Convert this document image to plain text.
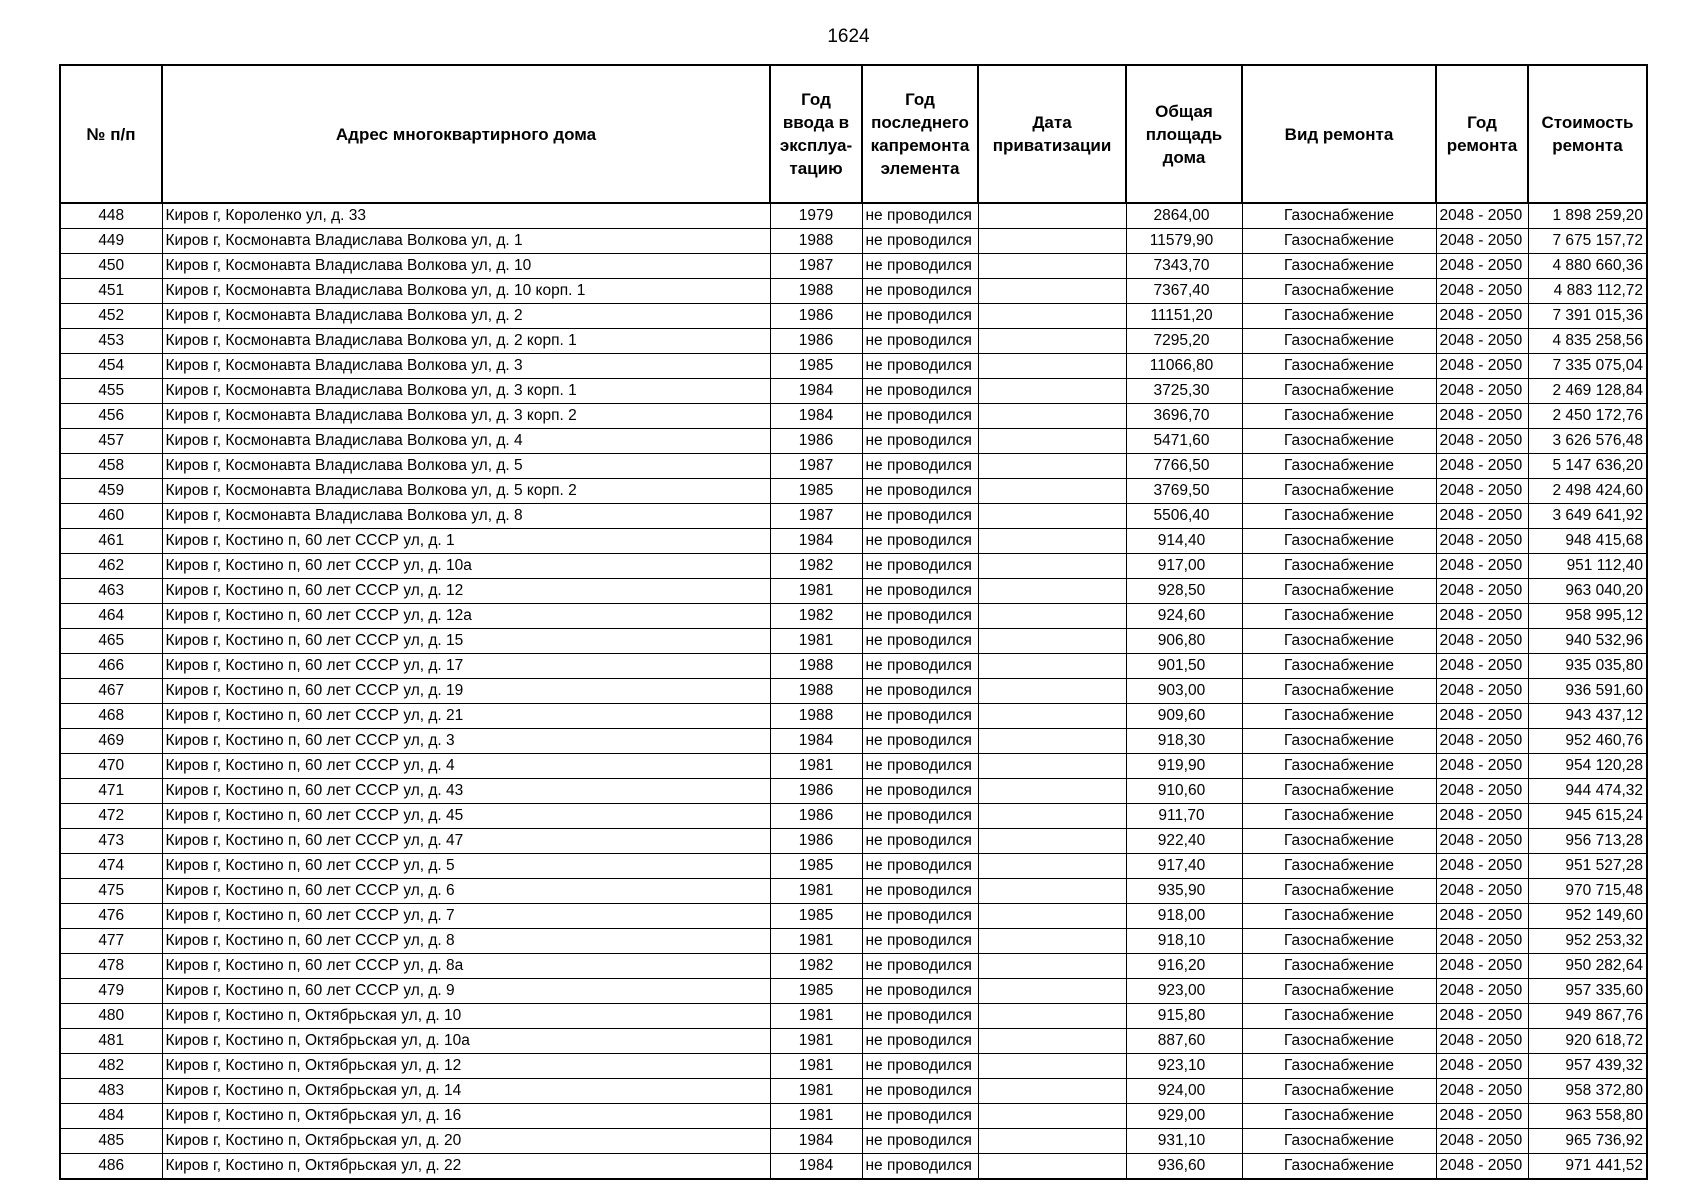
1624
№ п/п	Адрес многоквартирного дома	Год ввода в эксплуа-тацию	Год последнего капремонта элемента	Дата приватизации	Общая площадь дома	Вид ремонта	Год ремонта	Стоимость ремонта
448	Киров г, Короленко ул, д. 33	1979	не проводился		2864,00	Газоснабжение	2048 - 2050	1 898 259,20
449	Киров г, Космонавта Владислава Волкова ул, д. 1	1988	не проводился		11579,90	Газоснабжение	2048 - 2050	7 675 157,72
450	Киров г, Космонавта Владислава Волкова ул, д. 10	1987	не проводился		7343,70	Газоснабжение	2048 - 2050	4 880 660,36
451	Киров г, Космонавта Владислава Волкова ул, д. 10 корп. 1	1988	не проводился		7367,40	Газоснабжение	2048 - 2050	4 883 112,72
452	Киров г, Космонавта Владислава Волкова ул, д. 2	1986	не проводился		11151,20	Газоснабжение	2048 - 2050	7 391 015,36
453	Киров г, Космонавта Владислава Волкова ул, д. 2 корп. 1	1986	не проводился		7295,20	Газоснабжение	2048 - 2050	4 835 258,56
454	Киров г, Космонавта Владислава Волкова ул, д. 3	1985	не проводился		11066,80	Газоснабжение	2048 - 2050	7 335 075,04
455	Киров г, Космонавта Владислава Волкова ул, д. 3 корп. 1	1984	не проводился		3725,30	Газоснабжение	2048 - 2050	2 469 128,84
456	Киров г, Космонавта Владислава Волкова ул, д. 3 корп. 2	1984	не проводился		3696,70	Газоснабжение	2048 - 2050	2 450 172,76
457	Киров г, Космонавта Владислава Волкова ул, д. 4	1986	не проводился		5471,60	Газоснабжение	2048 - 2050	3 626 576,48
458	Киров г, Космонавта Владислава Волкова ул, д. 5	1987	не проводился		7766,50	Газоснабжение	2048 - 2050	5 147 636,20
459	Киров г, Космонавта Владислава Волкова ул, д. 5 корп. 2	1985	не проводился		3769,50	Газоснабжение	2048 - 2050	2 498 424,60
460	Киров г, Космонавта Владислава Волкова ул, д. 8	1987	не проводился		5506,40	Газоснабжение	2048 - 2050	3 649 641,92
461	Киров г, Костино п, 60 лет СССР ул, д. 1	1984	не проводился		914,40	Газоснабжение	2048 - 2050	948 415,68
462	Киров г, Костино п, 60 лет СССР ул, д. 10а	1982	не проводился		917,00	Газоснабжение	2048 - 2050	951 112,40
463	Киров г, Костино п, 60 лет СССР ул, д. 12	1981	не проводился		928,50	Газоснабжение	2048 - 2050	963 040,20
464	Киров г, Костино п, 60 лет СССР ул, д. 12а	1982	не проводился		924,60	Газоснабжение	2048 - 2050	958 995,12
465	Киров г, Костино п, 60 лет СССР ул, д. 15	1981	не проводился		906,80	Газоснабжение	2048 - 2050	940 532,96
466	Киров г, Костино п, 60 лет СССР ул, д. 17	1988	не проводился		901,50	Газоснабжение	2048 - 2050	935 035,80
467	Киров г, Костино п, 60 лет СССР ул, д. 19	1988	не проводился		903,00	Газоснабжение	2048 - 2050	936 591,60
468	Киров г, Костино п, 60 лет СССР ул, д. 21	1988	не проводился		909,60	Газоснабжение	2048 - 2050	943 437,12
469	Киров г, Костино п, 60 лет СССР ул, д. 3	1984	не проводился		918,30	Газоснабжение	2048 - 2050	952 460,76
470	Киров г, Костино п, 60 лет СССР ул, д. 4	1981	не проводился		919,90	Газоснабжение	2048 - 2050	954 120,28
471	Киров г, Костино п, 60 лет СССР ул, д. 43	1986	не проводился		910,60	Газоснабжение	2048 - 2050	944 474,32
472	Киров г, Костино п, 60 лет СССР ул, д. 45	1986	не проводился		911,70	Газоснабжение	2048 - 2050	945 615,24
473	Киров г, Костино п, 60 лет СССР ул, д. 47	1986	не проводился		922,40	Газоснабжение	2048 - 2050	956 713,28
474	Киров г, Костино п, 60 лет СССР ул, д. 5	1985	не проводился		917,40	Газоснабжение	2048 - 2050	951 527,28
475	Киров г, Костино п, 60 лет СССР ул, д. 6	1981	не проводился		935,90	Газоснабжение	2048 - 2050	970 715,48
476	Киров г, Костино п, 60 лет СССР ул, д. 7	1985	не проводился		918,00	Газоснабжение	2048 - 2050	952 149,60
477	Киров г, Костино п, 60 лет СССР ул, д. 8	1981	не проводился		918,10	Газоснабжение	2048 - 2050	952 253,32
478	Киров г, Костино п, 60 лет СССР ул, д. 8а	1982	не проводился		916,20	Газоснабжение	2048 - 2050	950 282,64
479	Киров г, Костино п, 60 лет СССР ул, д. 9	1985	не проводился		923,00	Газоснабжение	2048 - 2050	957 335,60
480	Киров г, Костино п, Октябрьская ул, д. 10	1981	не проводился		915,80	Газоснабжение	2048 - 2050	949 867,76
481	Киров г, Костино п, Октябрьская ул, д. 10а	1981	не проводился		887,60	Газоснабжение	2048 - 2050	920 618,72
482	Киров г, Костино п, Октябрьская ул, д. 12	1981	не проводился		923,10	Газоснабжение	2048 - 2050	957 439,32
483	Киров г, Костино п, Октябрьская ул, д. 14	1981	не проводился		924,00	Газоснабжение	2048 - 2050	958 372,80
484	Киров г, Костино п, Октябрьская ул, д. 16	1981	не проводился		929,00	Газоснабжение	2048 - 2050	963 558,80
485	Киров г, Костино п, Октябрьская ул, д. 20	1984	не проводился		931,10	Газоснабжение	2048 - 2050	965 736,92
486	Киров г, Костино п, Октябрьская ул, д. 22	1984	не проводился		936,60	Газоснабжение	2048 - 2050	971 441,52
